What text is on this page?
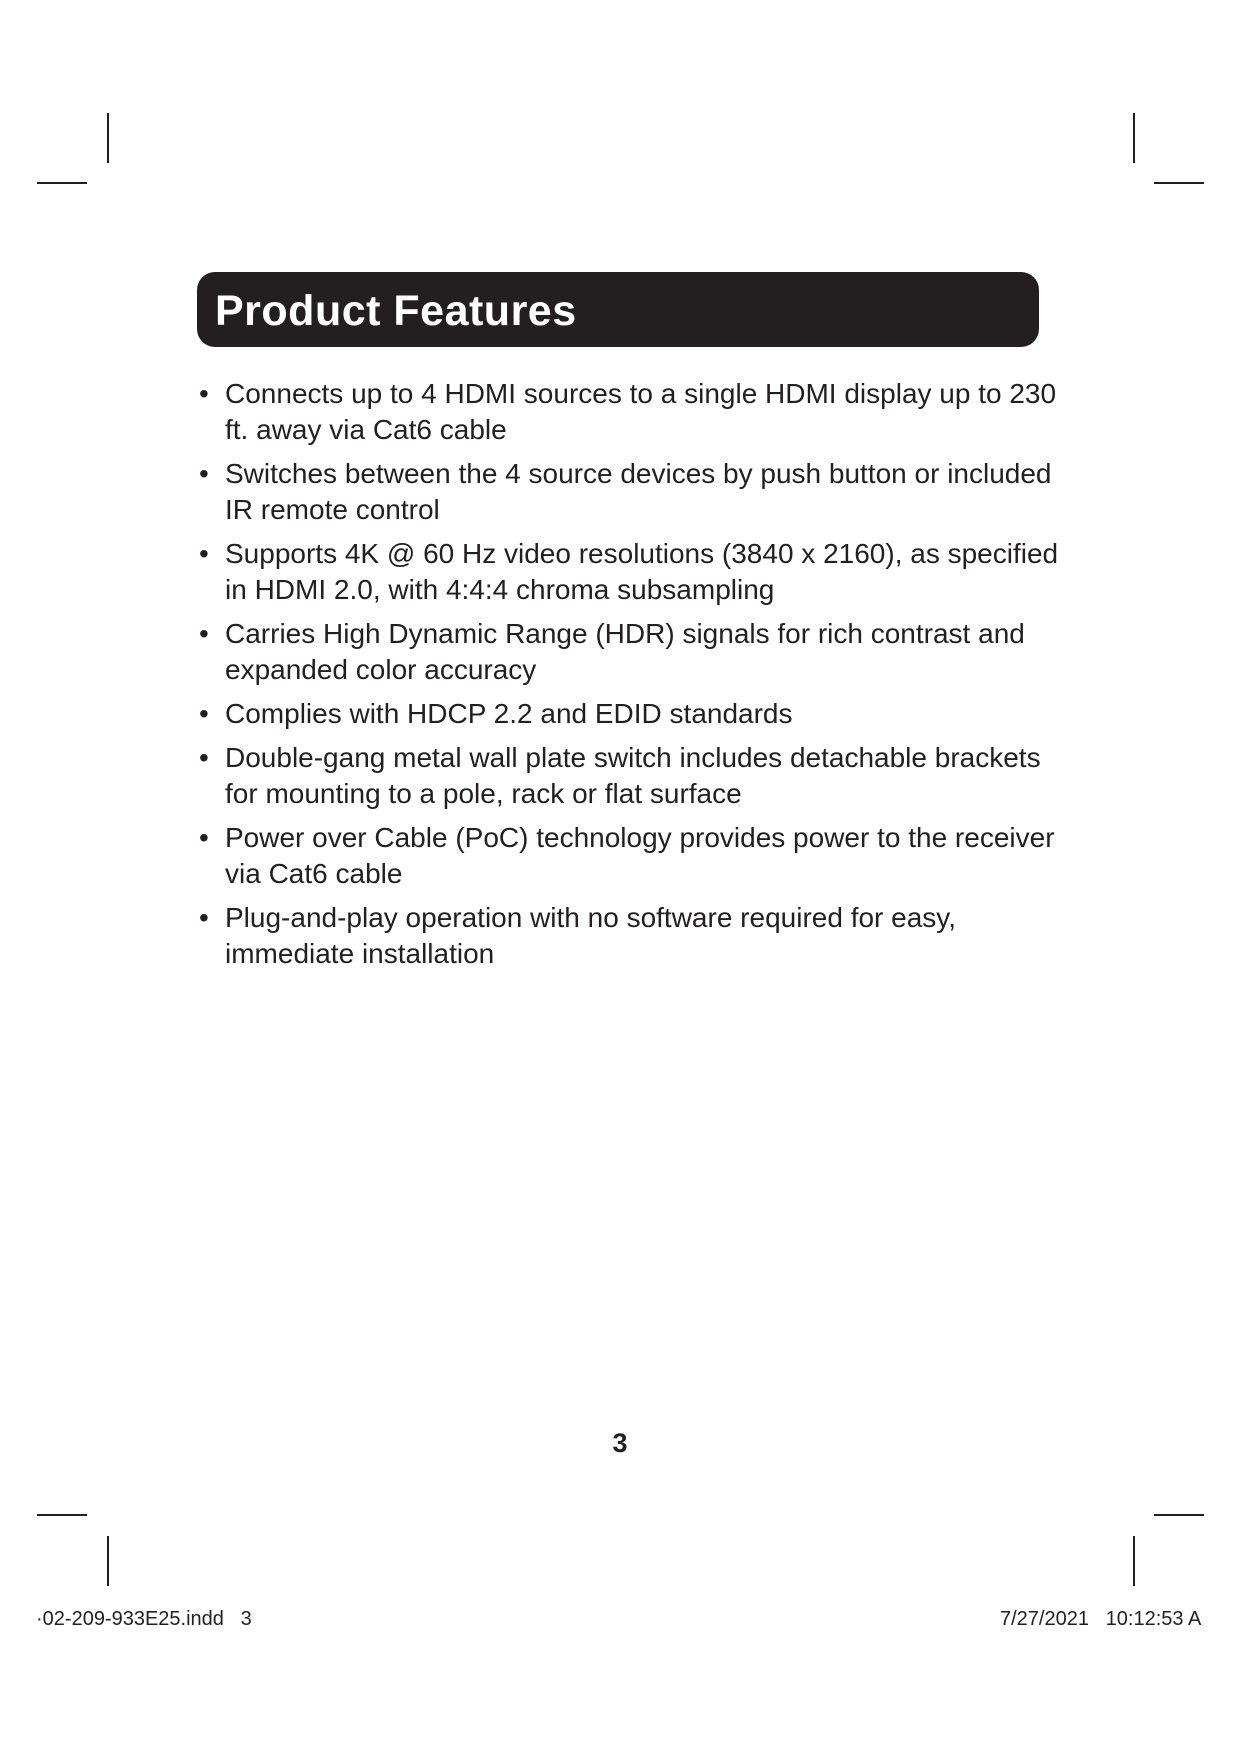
Product Features
• Connects up to 4 HDMI sources to a single HDMI display up to 230 ft. away via Cat6 cable
• Switches between the 4 source devices by push button or included IR remote control
• Supports 4K @ 60 Hz video resolutions (3840 x 2160), as specified in HDMI 2.0, with 4:4:4 chroma subsampling
• Carries High Dynamic Range (HDR) signals for rich contrast and expanded color accuracy
• Complies with HDCP 2.2 and EDID standards
• Double-gang metal wall plate switch includes detachable brackets for mounting to a pole, rack or flat surface
• Power over Cable (PoC) technology provides power to the receiver via Cat6 cable
• Plug-and-play operation with no software required for easy, immediate installation
3
·02-209-933E25.indd   3	7/27/2021   10:12:53 A
